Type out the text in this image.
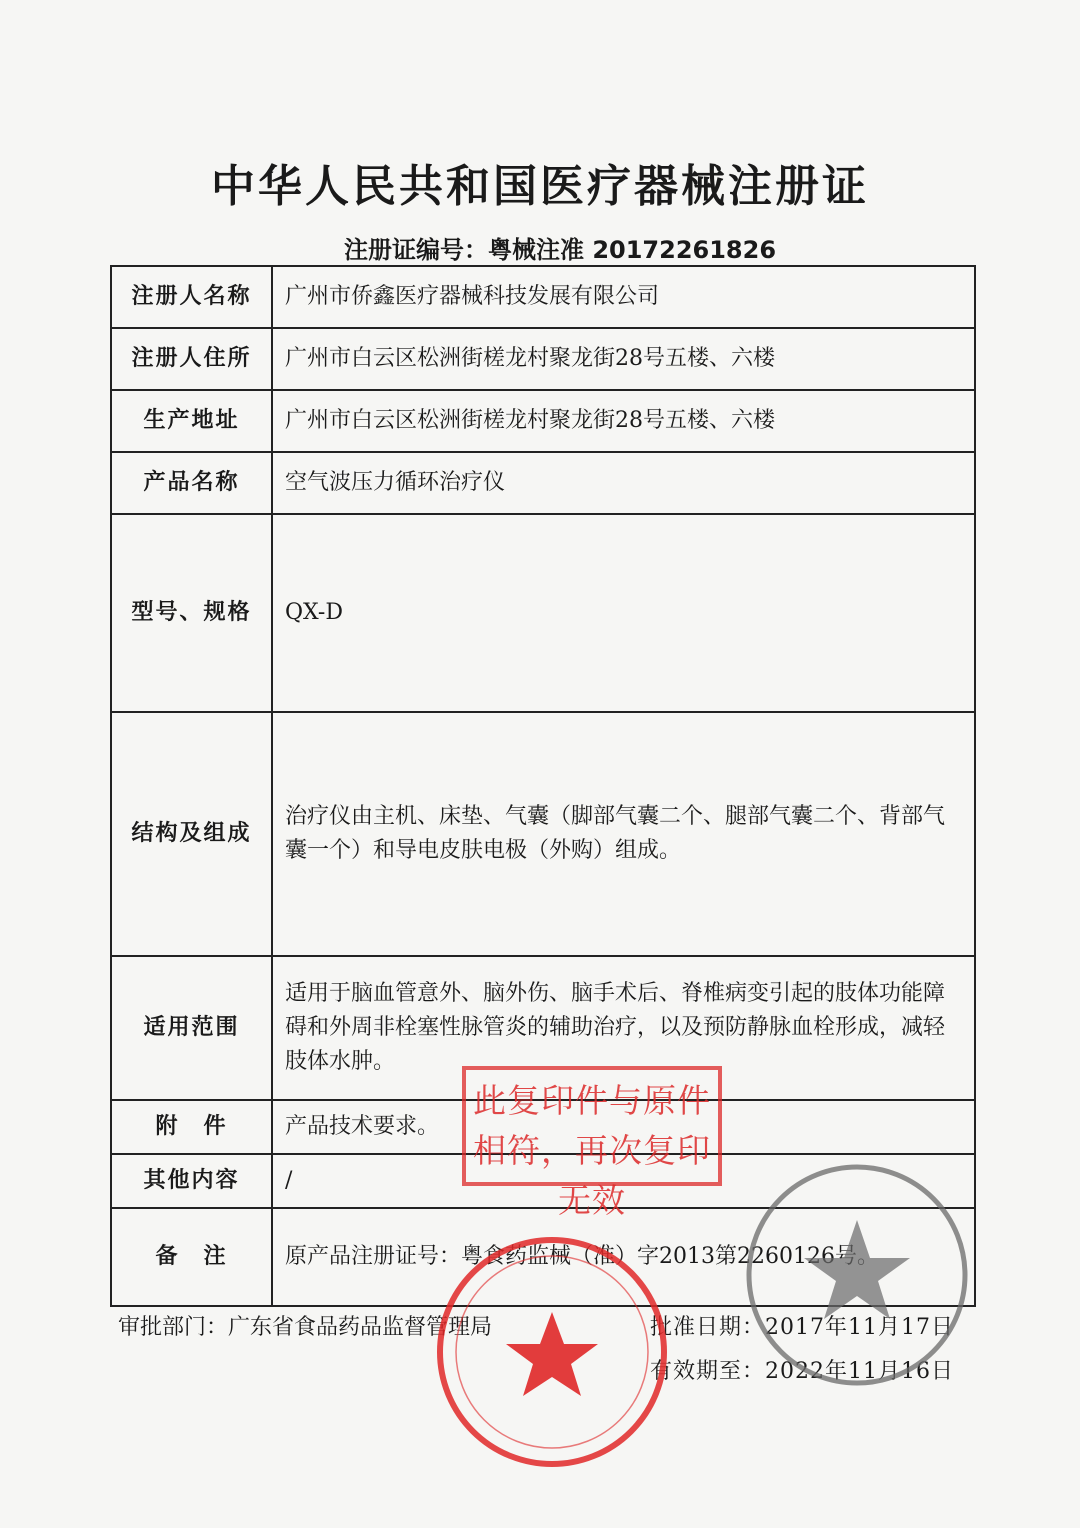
中华人民共和国医疗器械注册证
注册证编号：粤械注准 20172261826
注册人名称	广州市侨鑫医疗器械科技发展有限公司
注册人住所	广州市白云区松洲街槎龙村聚龙街28号五楼、六楼
生产地址	广州市白云区松洲街槎龙村聚龙街28号五楼、六楼
产品名称	空气波压力循环治疗仪
型号、规格	QX-D
结构及组成	治疗仪由主机、床垫、气囊（脚部气囊二个、腿部气囊二个、背部气囊一个）和导电皮肤电极（外购）组成。
适用范围	适用于脑血管意外、脑外伤、脑手术后、脊椎病变引起的肢体功能障碍和外周非栓塞性脉管炎的辅助治疗，以及预防静脉血栓形成，减轻肢体水肿。
附　件	产品技术要求。
其他内容	/
备　注	原产品注册证号：粤食药监械（准）字2013第2260126号。
审批部门：广东省食品药品监督管理局	批准日期：2017年11月17日
有效期至：2022年11月16日
此复印件与原件相符，再次复印无效
